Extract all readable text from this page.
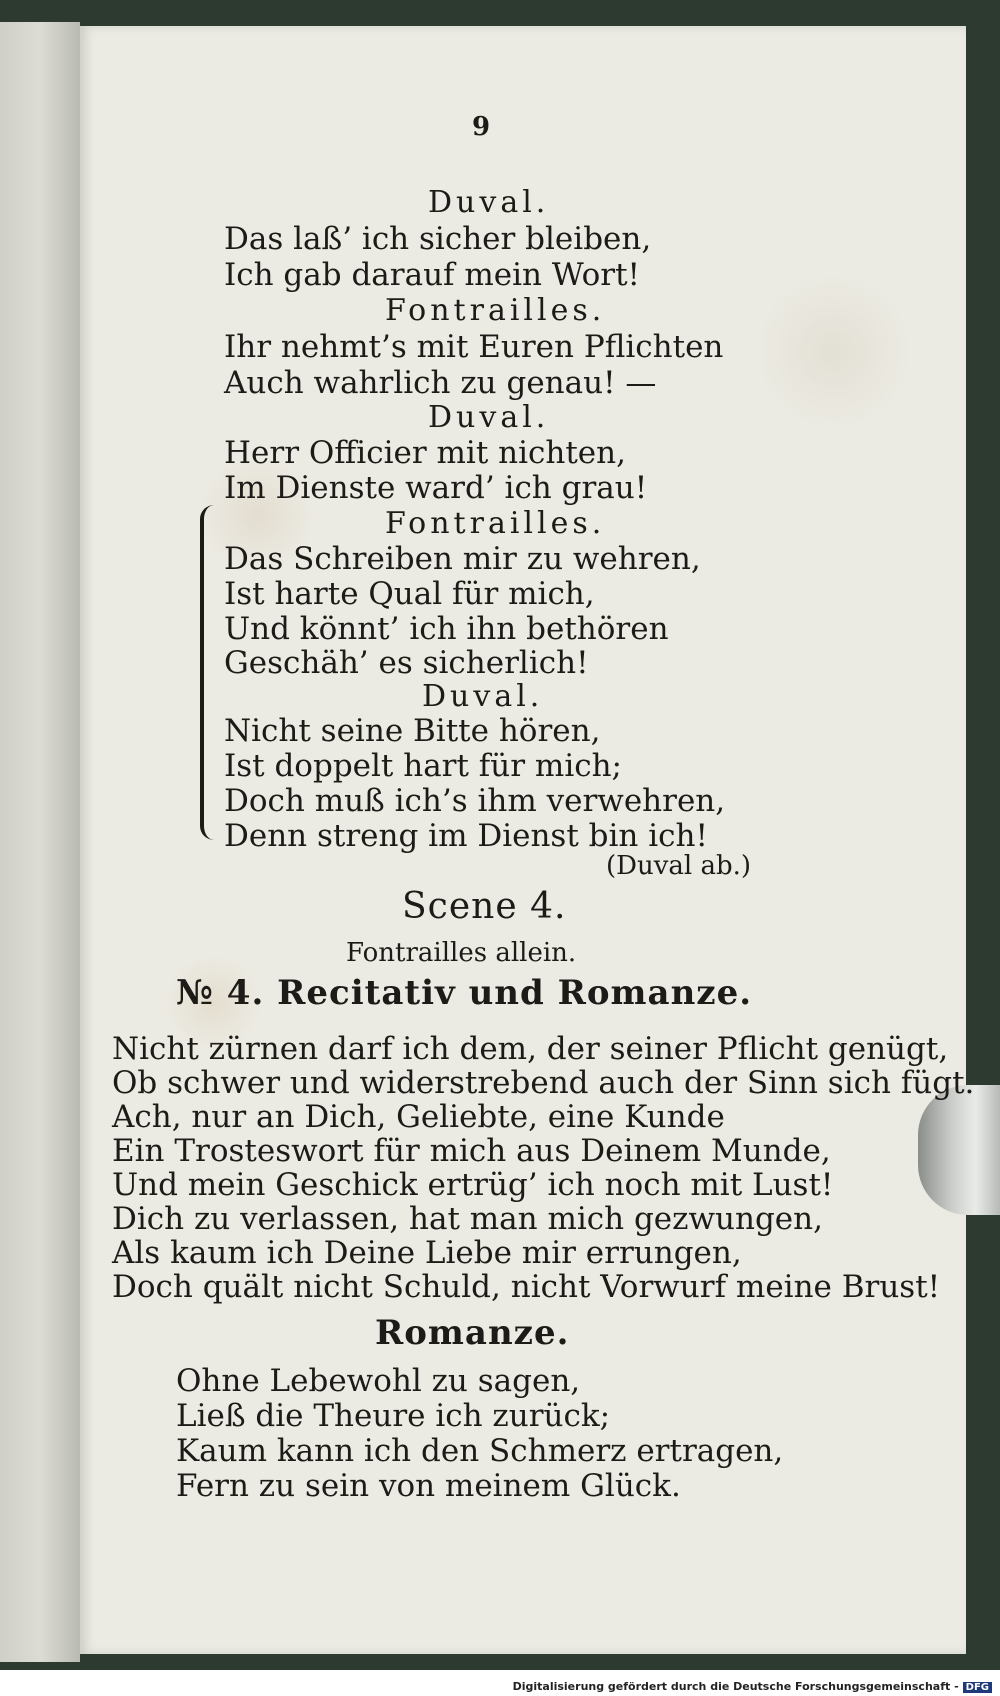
9
Duval.
Das laß’ ich sicher bleiben,
Ich gab darauf mein Wort!
Fontrailles.
Ihr nehmt’s mit Euren Pflichten
Auch wahrlich zu genau! —
Duval.
Herr Officier mit nichten,
Im Dienste ward’ ich grau!
Fontrailles.
Das Schreiben mir zu wehren,
Ist harte Qual für mich,
Und könnt’ ich ihn bethören
Geschäh’ es sicherlich!
Duval.
Nicht seine Bitte hören,
Ist doppelt hart für mich;
Doch muß ich’s ihm verwehren,
Denn streng im Dienst bin ich!
(Duval ab.)
Scene 4.
Fontrailles allein.
№ 4. Recitativ und Romanze.
Nicht zürnen darf ich dem, der seiner Pflicht genügt,
Ob schwer und widerstrebend auch der Sinn sich fügt.
Ach, nur an Dich, Geliebte, eine Kunde
Ein Trosteswort für mich aus Deinem Munde,
Und mein Geschick ertrüg’ ich noch mit Lust!
Dich zu verlassen, hat man mich gezwungen,
Als kaum ich Deine Liebe mir errungen,
Doch quält nicht Schuld, nicht Vorwurf meine Brust!
Romanze.
Ohne Lebewohl zu sagen,
Ließ die Theure ich zurück;
Kaum kann ich den Schmerz ertragen,
Fern zu sein von meinem Glück.
Digitalisierung gefördert durch die Deutsche Forschungsgemeinschaft - DFG
